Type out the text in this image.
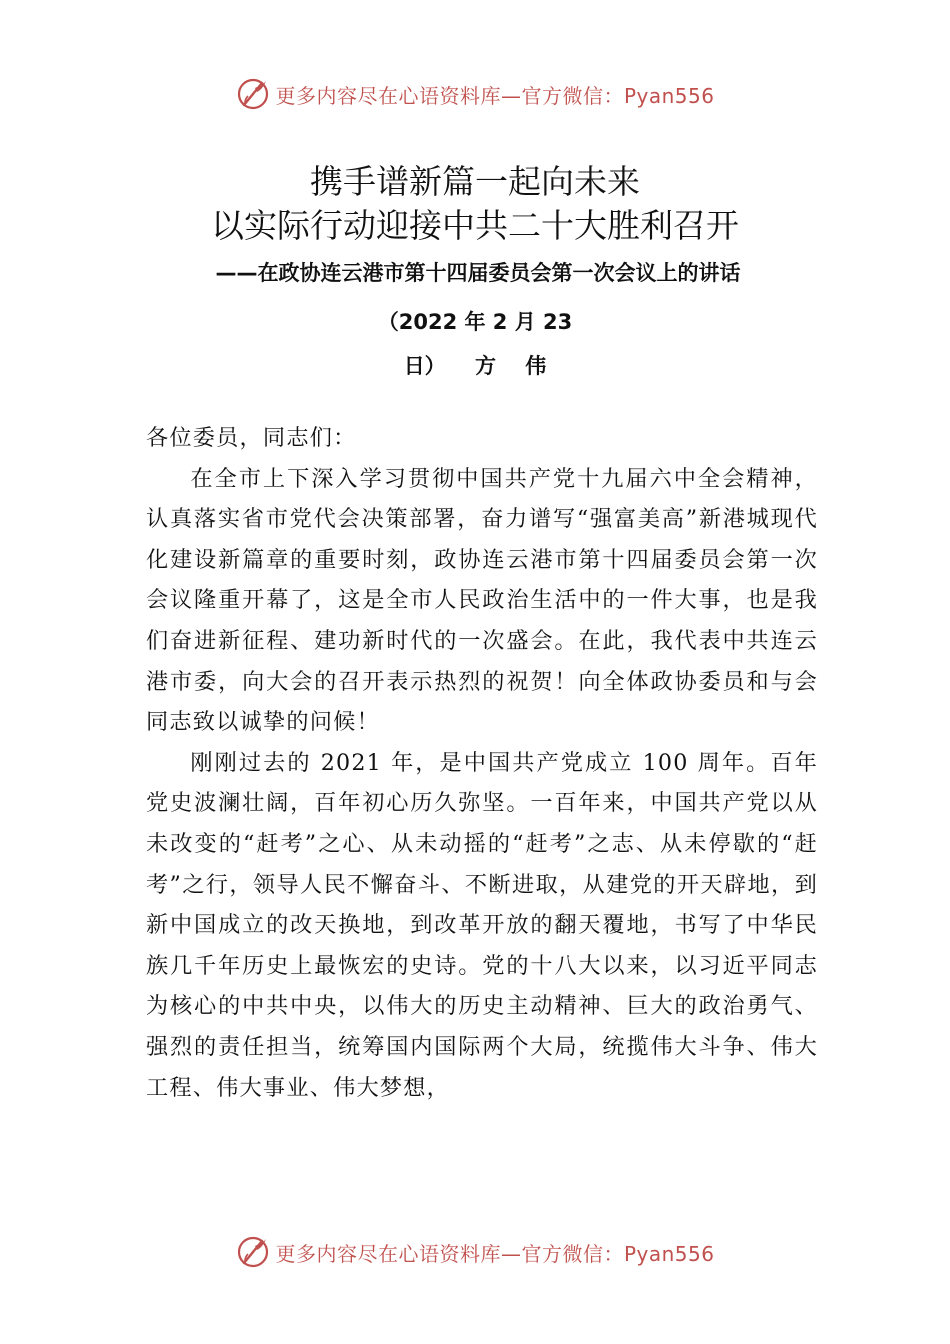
更多内容尽在心语资料库—官方微信：Pyan556
携手谱新篇一起向未来
以实际行动迎接中共二十大胜利召开
——在政协连云港市第十四届委员会第一次会议上的讲话
（2022 年 2 月 23
日） 方 伟

各位委员，同志们：

在全市上下深入学习贯彻中国共产党十九届六中全会精神，认真落实省市党代会决策部署，奋力谱写“强富美高”新港城现代化建设新篇章的重要时刻，政协连云港市第十四届委员会第一次会议隆重开幕了，这是全市人民政治生活中的一件大事，也是我们奋进新征程、建功新时代的一次盛会。在此，我代表中共连云港市委，向大会的召开表示热烈的祝贺！向全体政协委员和与会同志致以诚挚的问候！

刚刚过去的 2021 年，是中国共产党成立 100 周年。百年党史波澜壮阔，百年初心历久弥坚。一百年来，中国共产党以从未改变的“赶考”之心、从未动摇的“赶考”之志、从未停歇的“赶考”之行，领导人民不懈奋斗、不断进取，从建党的开天辟地，到新中国成立的改天换地，到改革开放的翻天覆地，书写了中华民族几千年历史上最恢宏的史诗。党的十八大以来，以习近平同志为核心的中共中央，以伟大的历史主动精神、巨大的政治勇气、强烈的责任担当，统筹国内国际两个大局，统揽伟大斗争、伟大工程、伟大事业、伟大梦想，

更多内容尽在心语资料库—官方微信：Pyan556
